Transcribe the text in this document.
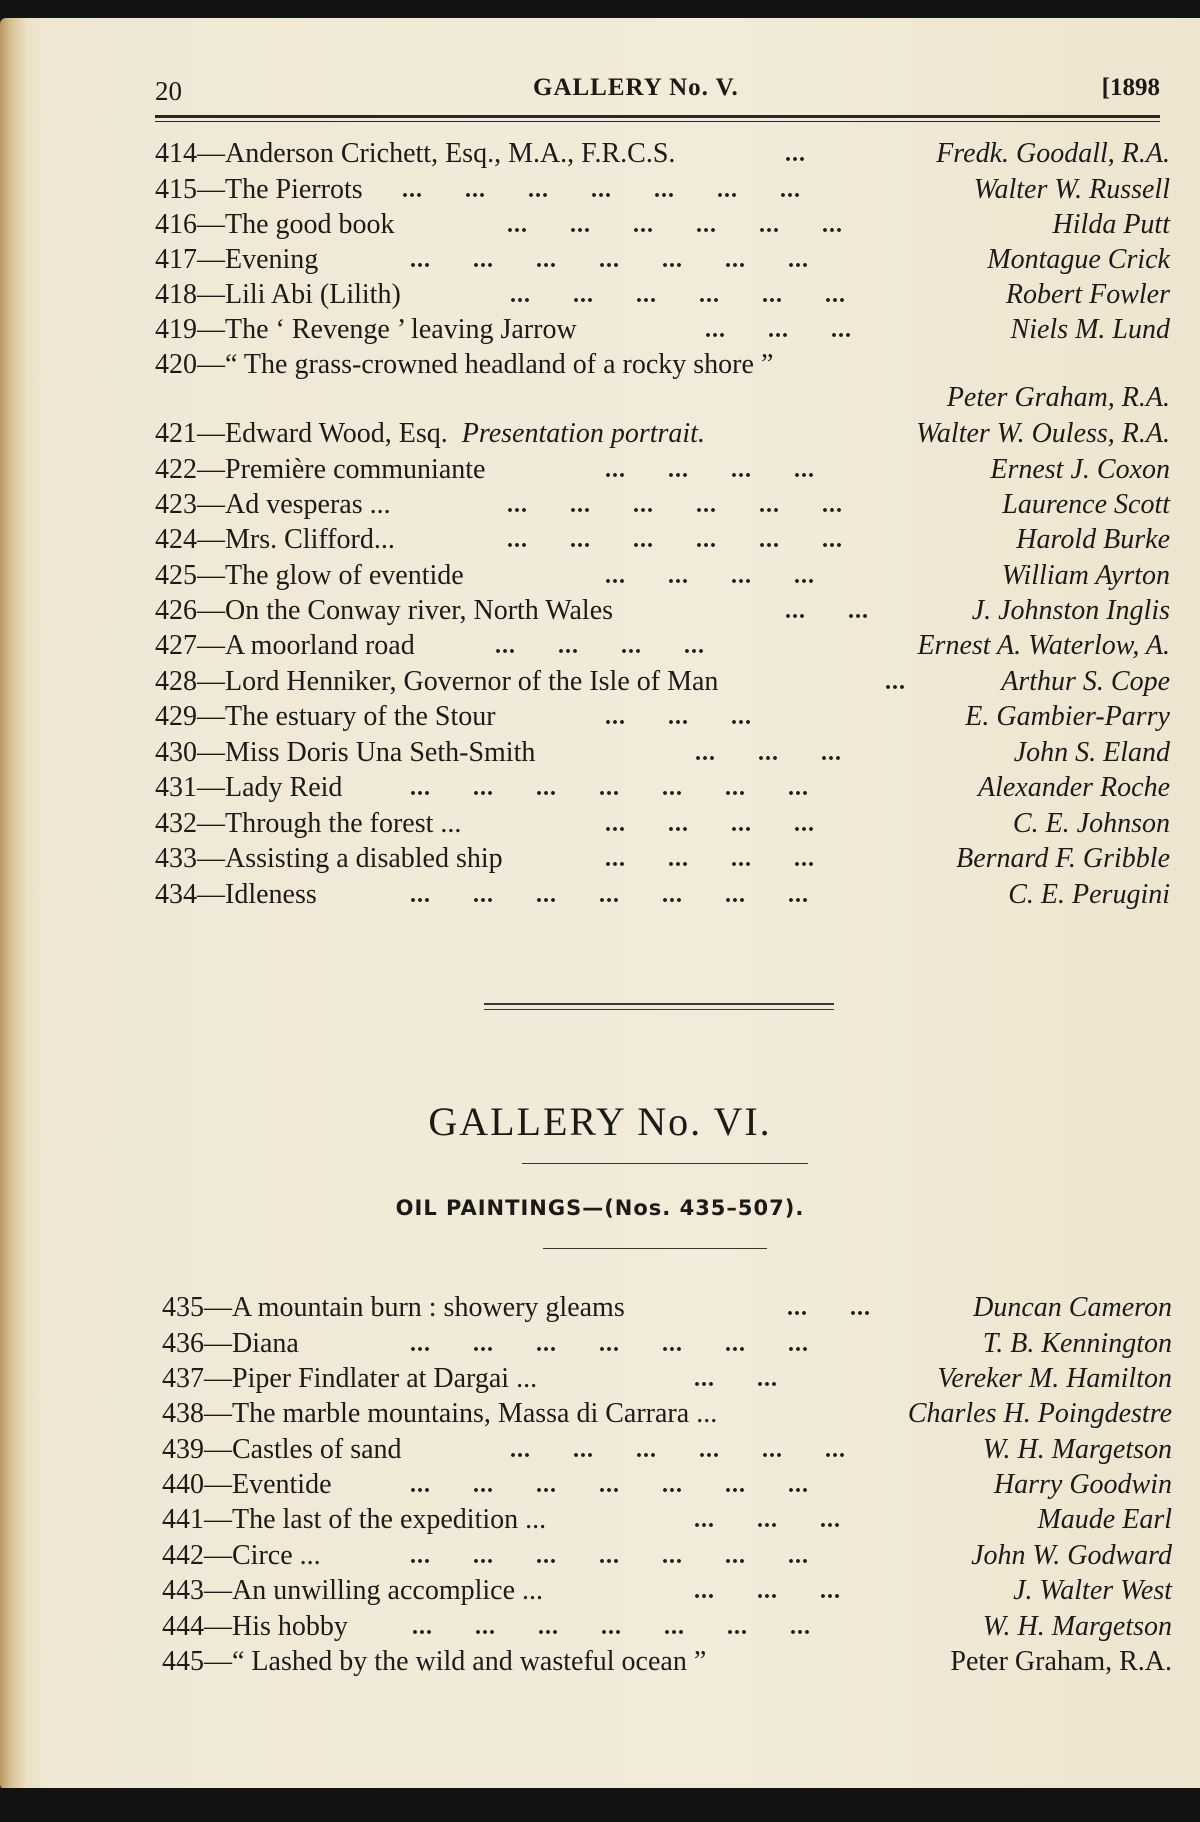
20	GALLERY No. V.	[1898
414—Anderson Crichett, Esq., M.A., F.R.C.S.	...	Fredk. Goodall, R.A.
415—The Pierrots ...      ...      ...      ...      ...      ...      ...	Walter W. Russell
416—The good book	...      ...      ...      ...      ...      ...	Hilda Putt
417—Evening	...      ...      ...      ...      ...      ...      ...	Montague Crick
418—Lili Abi (Lilith)	...      ...      ...      ...      ...      ...	Robert Fowler
419—The ‘ Revenge ’ leaving Jarrow	...      ...      ...	Niels M. Lund
420—“ The grass-crowned headland of a rocky shore ”
Peter Graham, R.A.
421—Edward Wood, Esq. Presentation portrait.	Walter W. Ouless, R.A.
422—Première communiante	...      ...      ...      ...	Ernest J. Coxon
423—Ad vesperas ...	...      ...      ...      ...      ...      ...	Laurence Scott
424—Mrs. Clifford...	...      ...      ...      ...      ...      ...	Harold Burke
425—The glow of eventide	...      ...      ...      ...	William Ayrton
426—On the Conway river, North Wales	...      ...	J. Johnston Inglis
427—A moorland road	...      ...      ...      ...	Ernest A. Waterlow, A.
428—Lord Henniker, Governor of the Isle of Man	...	Arthur S. Cope
429—The estuary of the Stour	...      ...      ...	E. Gambier-Parry
430—Miss Doris Una Seth-Smith	...      ...      ...	John S. Eland
431—Lady Reid	...      ...      ...      ...      ...      ...      ...	Alexander Roche
432—Through the forest ...	...      ...      ...      ...	C. E. Johnson
433—Assisting a disabled ship	...      ...      ...      ...	Bernard F. Gribble
434—Idleness	...      ...      ...      ...      ...      ...      ...	C. E. Perugini
GALLERY No. VI.
OIL PAINTINGS—(Nos. 435–507).
435—A mountain burn : showery gleams	...      ...	Duncan Cameron
436—Diana	...      ...      ...      ...      ...      ...      ...	T. B. Kennington
437—Piper Findlater at Dargai ...	...      ...	Vereker M. Hamilton
438—The marble mountains, Massa di Carrara ...	Charles H. Poingdestre
439—Castles of sand	...      ...      ...      ...      ...      ...	W. H. Margetson
440—Eventide	...      ...      ...      ...      ...      ...      ...	Harry Goodwin
441—The last of the expedition ...	...      ...      ...	Maude Earl
442—Circe ...	...      ...      ...      ...      ...      ...      ...	John W. Godward
443—An unwilling accomplice ...	...      ...      ...	J. Walter West
444—His hobby	...      ...      ...      ...      ...      ...      ...	W. H. Margetson
445—“ Lashed by the wild and wasteful ocean ”	Peter Graham, R.A.
